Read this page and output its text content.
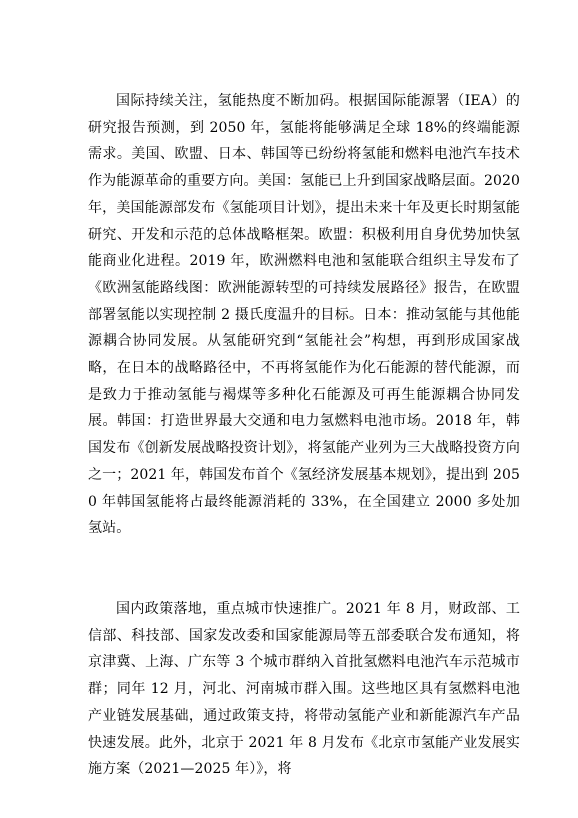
国际持续关注，氢能热度不断加码。根据国际能源署（IEA）的研究报告预测，到 2050 年，氢能将能够满足全球 18%的终端能源需求。美国、欧盟、日本、韩国等已纷纷将氢能和燃料电池汽车技术作为能源革命的重要方向。美国：氢能已上升到国家战略层面。2020 年，美国能源部发布《氢能项目计划》，提出未来十年及更长时期氢能研究、开发和示范的总体战略框架。欧盟：积极利用自身优势加快氢能商业化进程。2019 年，欧洲燃料电池和氢能联合组织主导发布了《欧洲氢能路线图：欧洲能源转型的可持续发展路径》报告，在欧盟部署氢能以实现控制 2 摄氏度温升的目标。日本：推动氢能与其他能源耦合协同发展。从氢能研究到“氢能社会”构想，再到形成国家战略，在日本的战略路径中，不再将氢能作为化石能源的替代能源，而是致力于推动氢能与褐煤等多种化石能源及可再生能源耦合协同发展。韩国：打造世界最大交通和电力氢燃料电池市场。2018 年，韩国发布《创新发展战略投资计划》，将氢能产业列为三大战略投资方向之一；2021 年，韩国发布首个《氢经济发展基本规划》，提出到 2050 年韩国氢能将占最终能源消耗的 33%，在全国建立 2000 多处加氢站。

国内政策落地，重点城市快速推广。2021 年 8 月，财政部、工信部、科技部、国家发改委和国家能源局等五部委联合发布通知，将京津冀、上海、广东等 3 个城市群纳入首批氢燃料电池汽车示范城市群；同年 12 月，河北、河南城市群入围。这些地区具有氢燃料电池产业链发展基础，通过政策支持，将带动氢能产业和新能源汽车产品快速发展。此外，北京于 2021 年 8 月发布《北京市氢能产业发展实施方案（2021—2025 年）》，将
